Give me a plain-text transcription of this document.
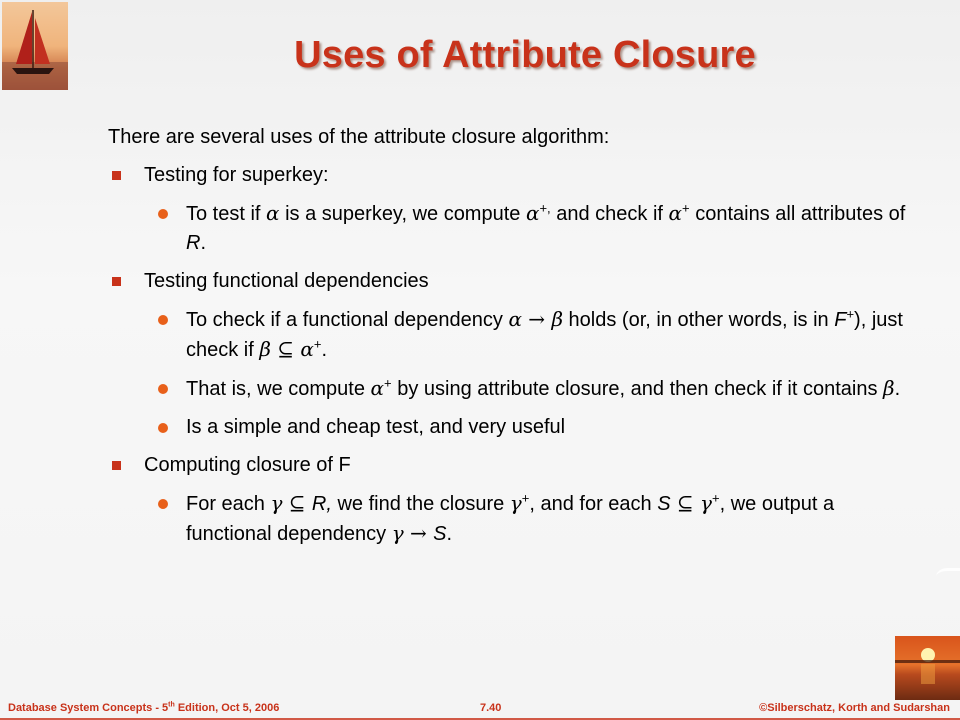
Uses of Attribute Closure

There are several uses of the attribute closure algorithm:

Testing for superkey:
To test if α is a superkey, we compute α+, and check if α+ contains all attributes of R.
Testing functional dependencies
To check if a functional dependency α → β holds (or, in other words, is in F+), just check if β ⊆ α+.
That is, we compute α+ by using attribute closure, and then check if it contains β.
Is a simple and cheap test, and very useful
Computing closure of F
For each γ ⊆ R, we find the closure γ+, and for each S ⊆ γ+, we output a functional dependency γ → S.
Database System Concepts - 5th Edition, Oct 5, 2006	7.40	©Silberschatz, Korth and Sudarshan
